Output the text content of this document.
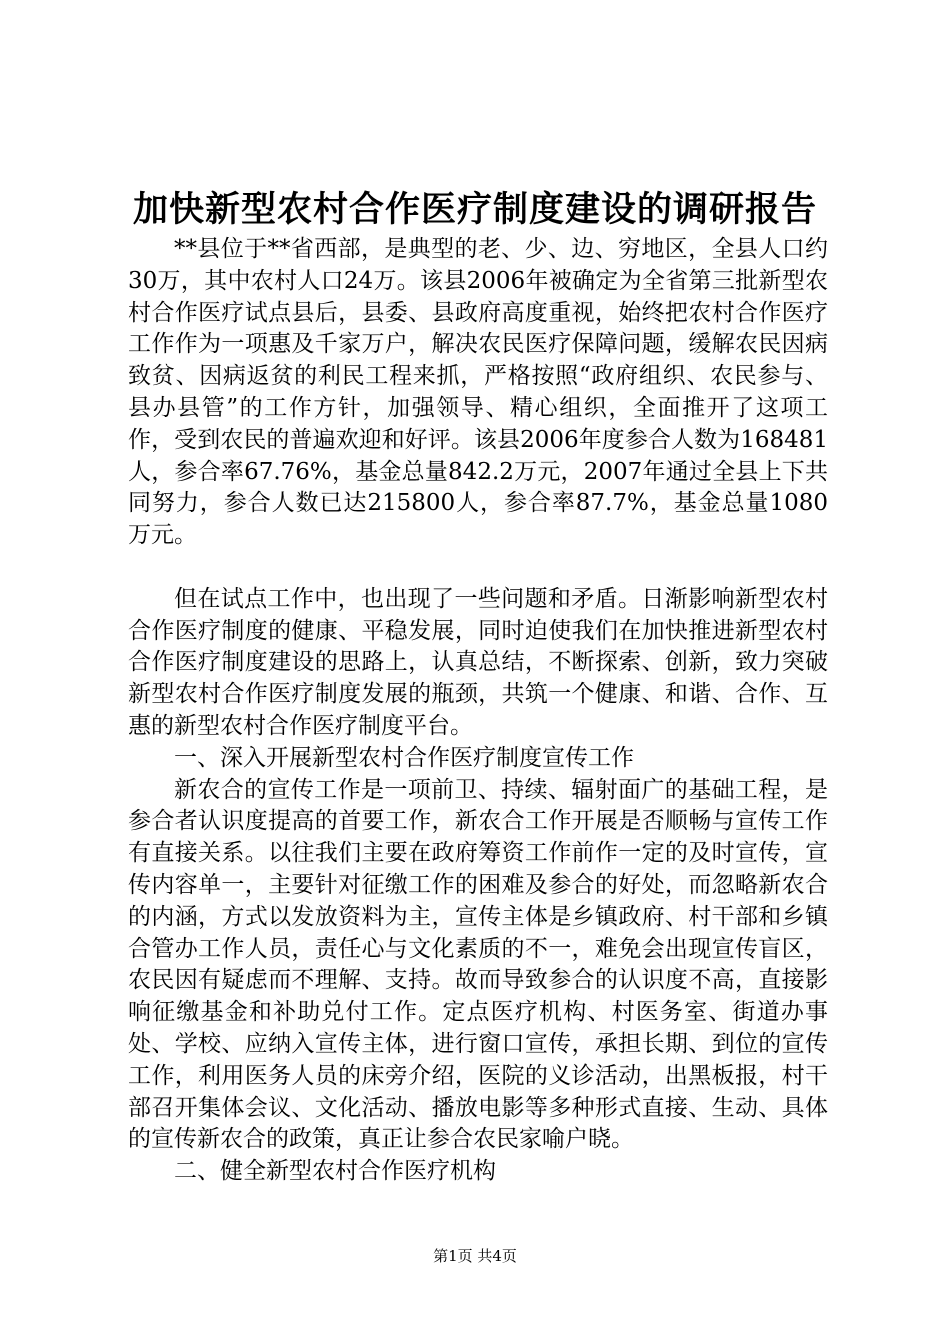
加快新型农村合作医疗制度建设的调研报告

**县位于**省西部，是典型的老、少、边、穷地区，全县人口约30万，其中农村人口24万。该县2006年被确定为全省第三批新型农村合作医疗试点县后，县委、县政府高度重视，始终把农村合作医疗工作作为一项惠及千家万户，解决农民医疗保障问题，缓解农民因病致贫、因病返贫的利民工程来抓，严格按照“政府组织、农民参与、县办县管”的工作方针，加强领导、精心组织，全面推开了这项工作，受到农民的普遍欢迎和好评。该县2006年度参合人数为168481人，参合率67.76%，基金总量842.2万元，2007年通过全县上下共同努力，参合人数已达215800人，参合率87.7%，基金总量1080万元。

但在试点工作中，也出现了一些问题和矛盾。日渐影响新型农村合作医疗制度的健康、平稳发展，同时迫使我们在加快推进新型农村合作医疗制度建设的思路上，认真总结，不断探索、创新，致力突破新型农村合作医疗制度发展的瓶颈，共筑一个健康、和谐、合作、互惠的新型农村合作医疗制度平台。

一、深入开展新型农村合作医疗制度宣传工作

新农合的宣传工作是一项前卫、持续、辐射面广的基础工程，是参合者认识度提高的首要工作，新农合工作开展是否顺畅与宣传工作有直接关系。以往我们主要在政府筹资工作前作一定的及时宣传，宣传内容单一，主要针对征缴工作的困难及参合的好处，而忽略新农合的内涵，方式以发放资料为主，宣传主体是乡镇政府、村干部和乡镇合管办工作人员，责任心与文化素质的不一，难免会出现宣传盲区，农民因有疑虑而不理解、支持。故而导致参合的认识度不高，直接影响征缴基金和补助兑付工作。定点医疗机构、村医务室、街道办事处、学校、应纳入宣传主体，进行窗口宣传，承担长期、到位的宣传工作，利用医务人员的床旁介绍，医院的义诊活动，出黑板报，村干部召开集体会议、文化活动、播放电影等多种形式直接、生动、具体的宣传新农合的政策，真正让参合农民家喻户晓。

二、健全新型农村合作医疗机构

第1页 共4页
